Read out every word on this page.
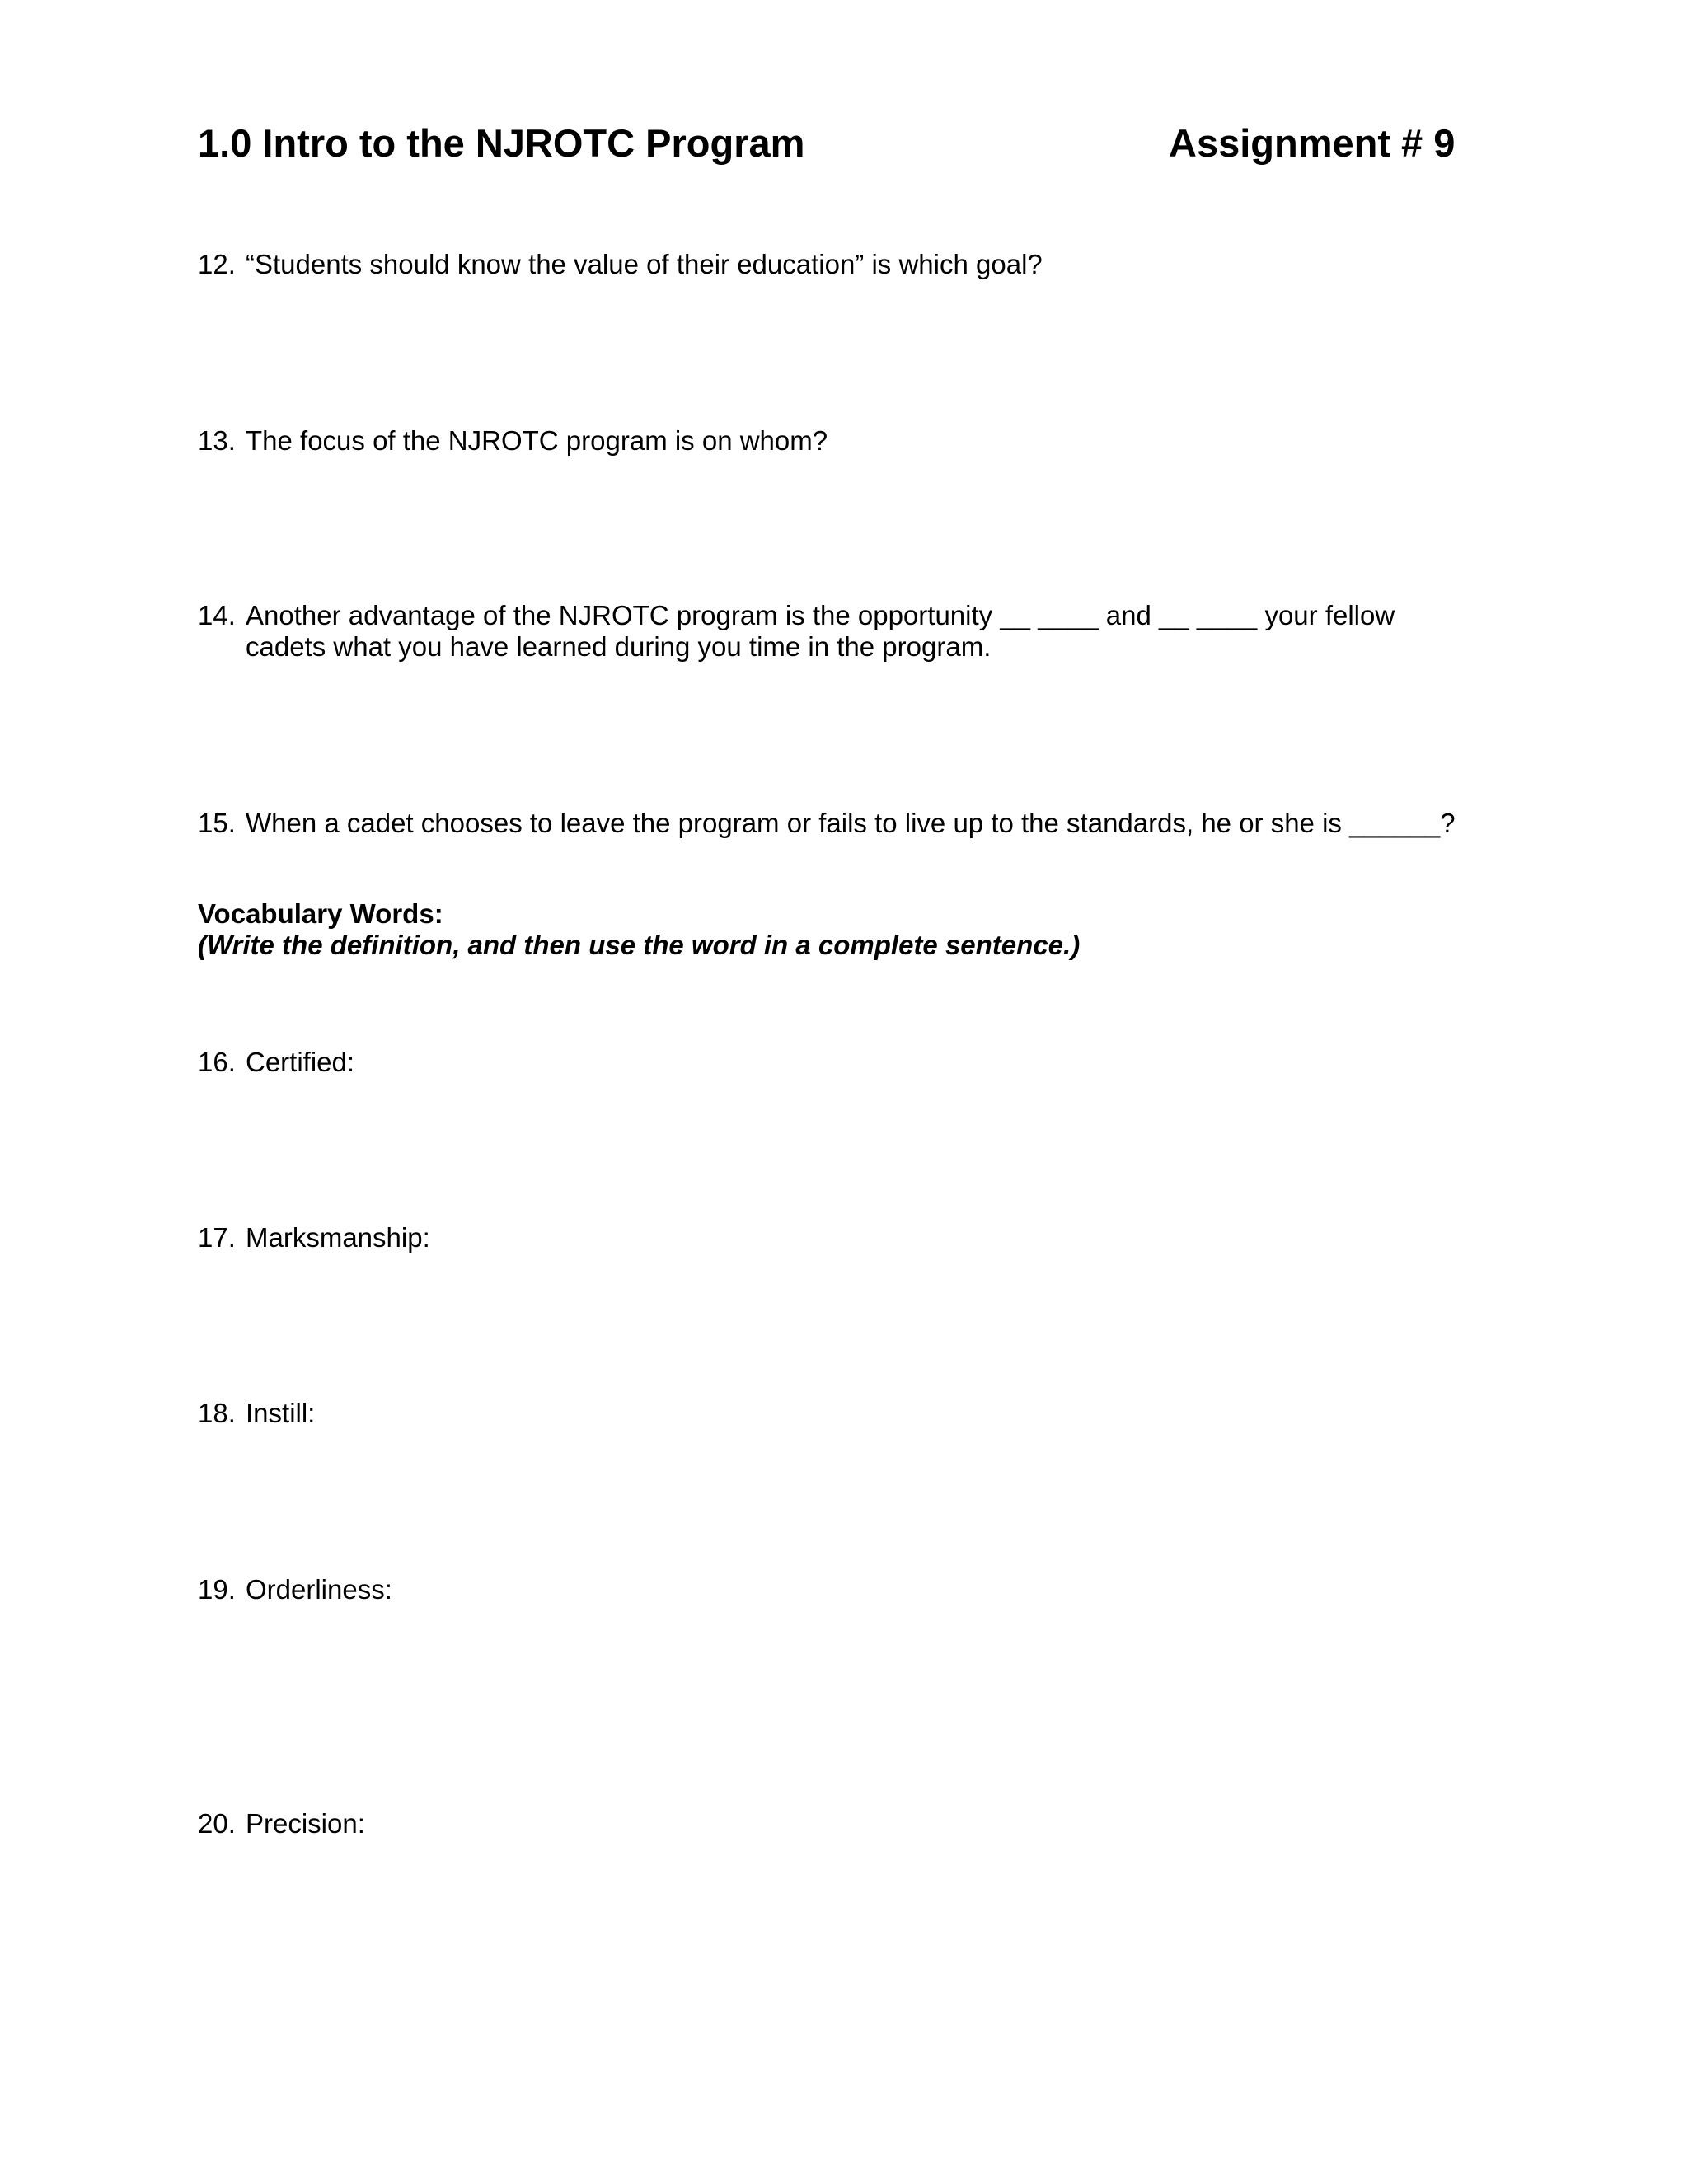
1.0 Intro to the NJROTC Program	Assignment # 9
12. “Students should know the value of their education” is which goal?
13. The focus of the NJROTC program is on whom?
14. Another advantage of the NJROTC program is the opportunity __ ____ and __ ____ your fellow
cadets what you have learned during you time in the program.
15. When a cadet chooses to leave the program or fails to live up to the standards, he or she is ______?
Vocabulary Words:
(Write the definition, and then use the word in a complete sentence.)
16. Certified:
17. Marksmanship:
18. Instill:
19. Orderliness:
20. Precision:
